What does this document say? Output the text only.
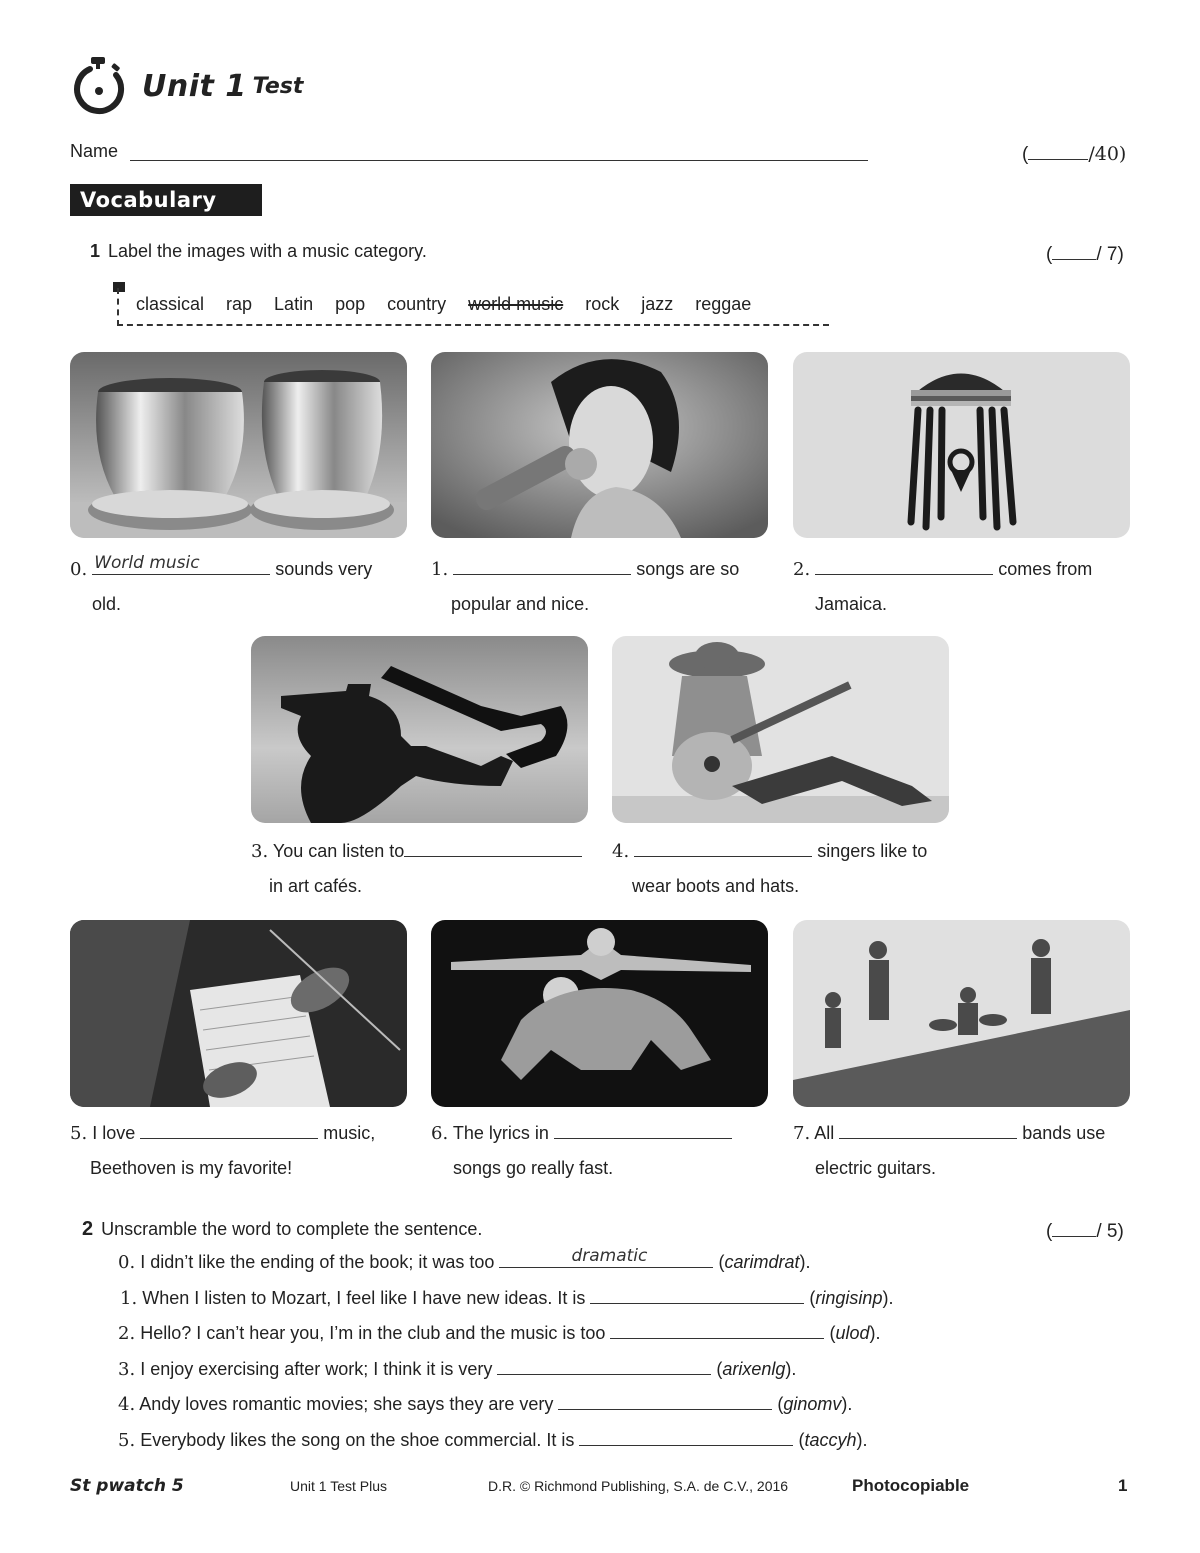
Unit 1 Test
Name	(	/40)
Vocabulary
1 Label the images with a music category.	( / 7)
classical rap Latin pop country world music rock jazz reggae
0. World music	sounds very
old.
1.	songs are so
popular and nice.
2.	comes from
Jamaica.
3. You can listen to
in art cafés.
4.	singers like to
wear boots and hats.
5. I love	music,
Beethoven is my favorite!
6. The lyrics in
songs go really fast.
7. All	bands use
electric guitars.
2 Unscramble the word to complete the sentence.	( / 5)
0. I didn’t like the ending of the book; it was too	dramatic	(carimdrat).
1. When I listen to Mozart, I feel like I have new ideas. It is	(ringisinp).
2. Hello? I can’t hear you, I’m in the club and the music is too	(ulod).
3. I enjoy exercising after work; I think it is very	(arixenlg).
4. Andy loves romantic movies; she says they are very	(ginomv).
5. Everybody likes the song on the shoe commercial. It is	(taccyh).
St pwatch 5	Unit 1 Test Plus	D.R. © Richmond Publishing, S.A. de C.V., 2016	Photocopiable	1
